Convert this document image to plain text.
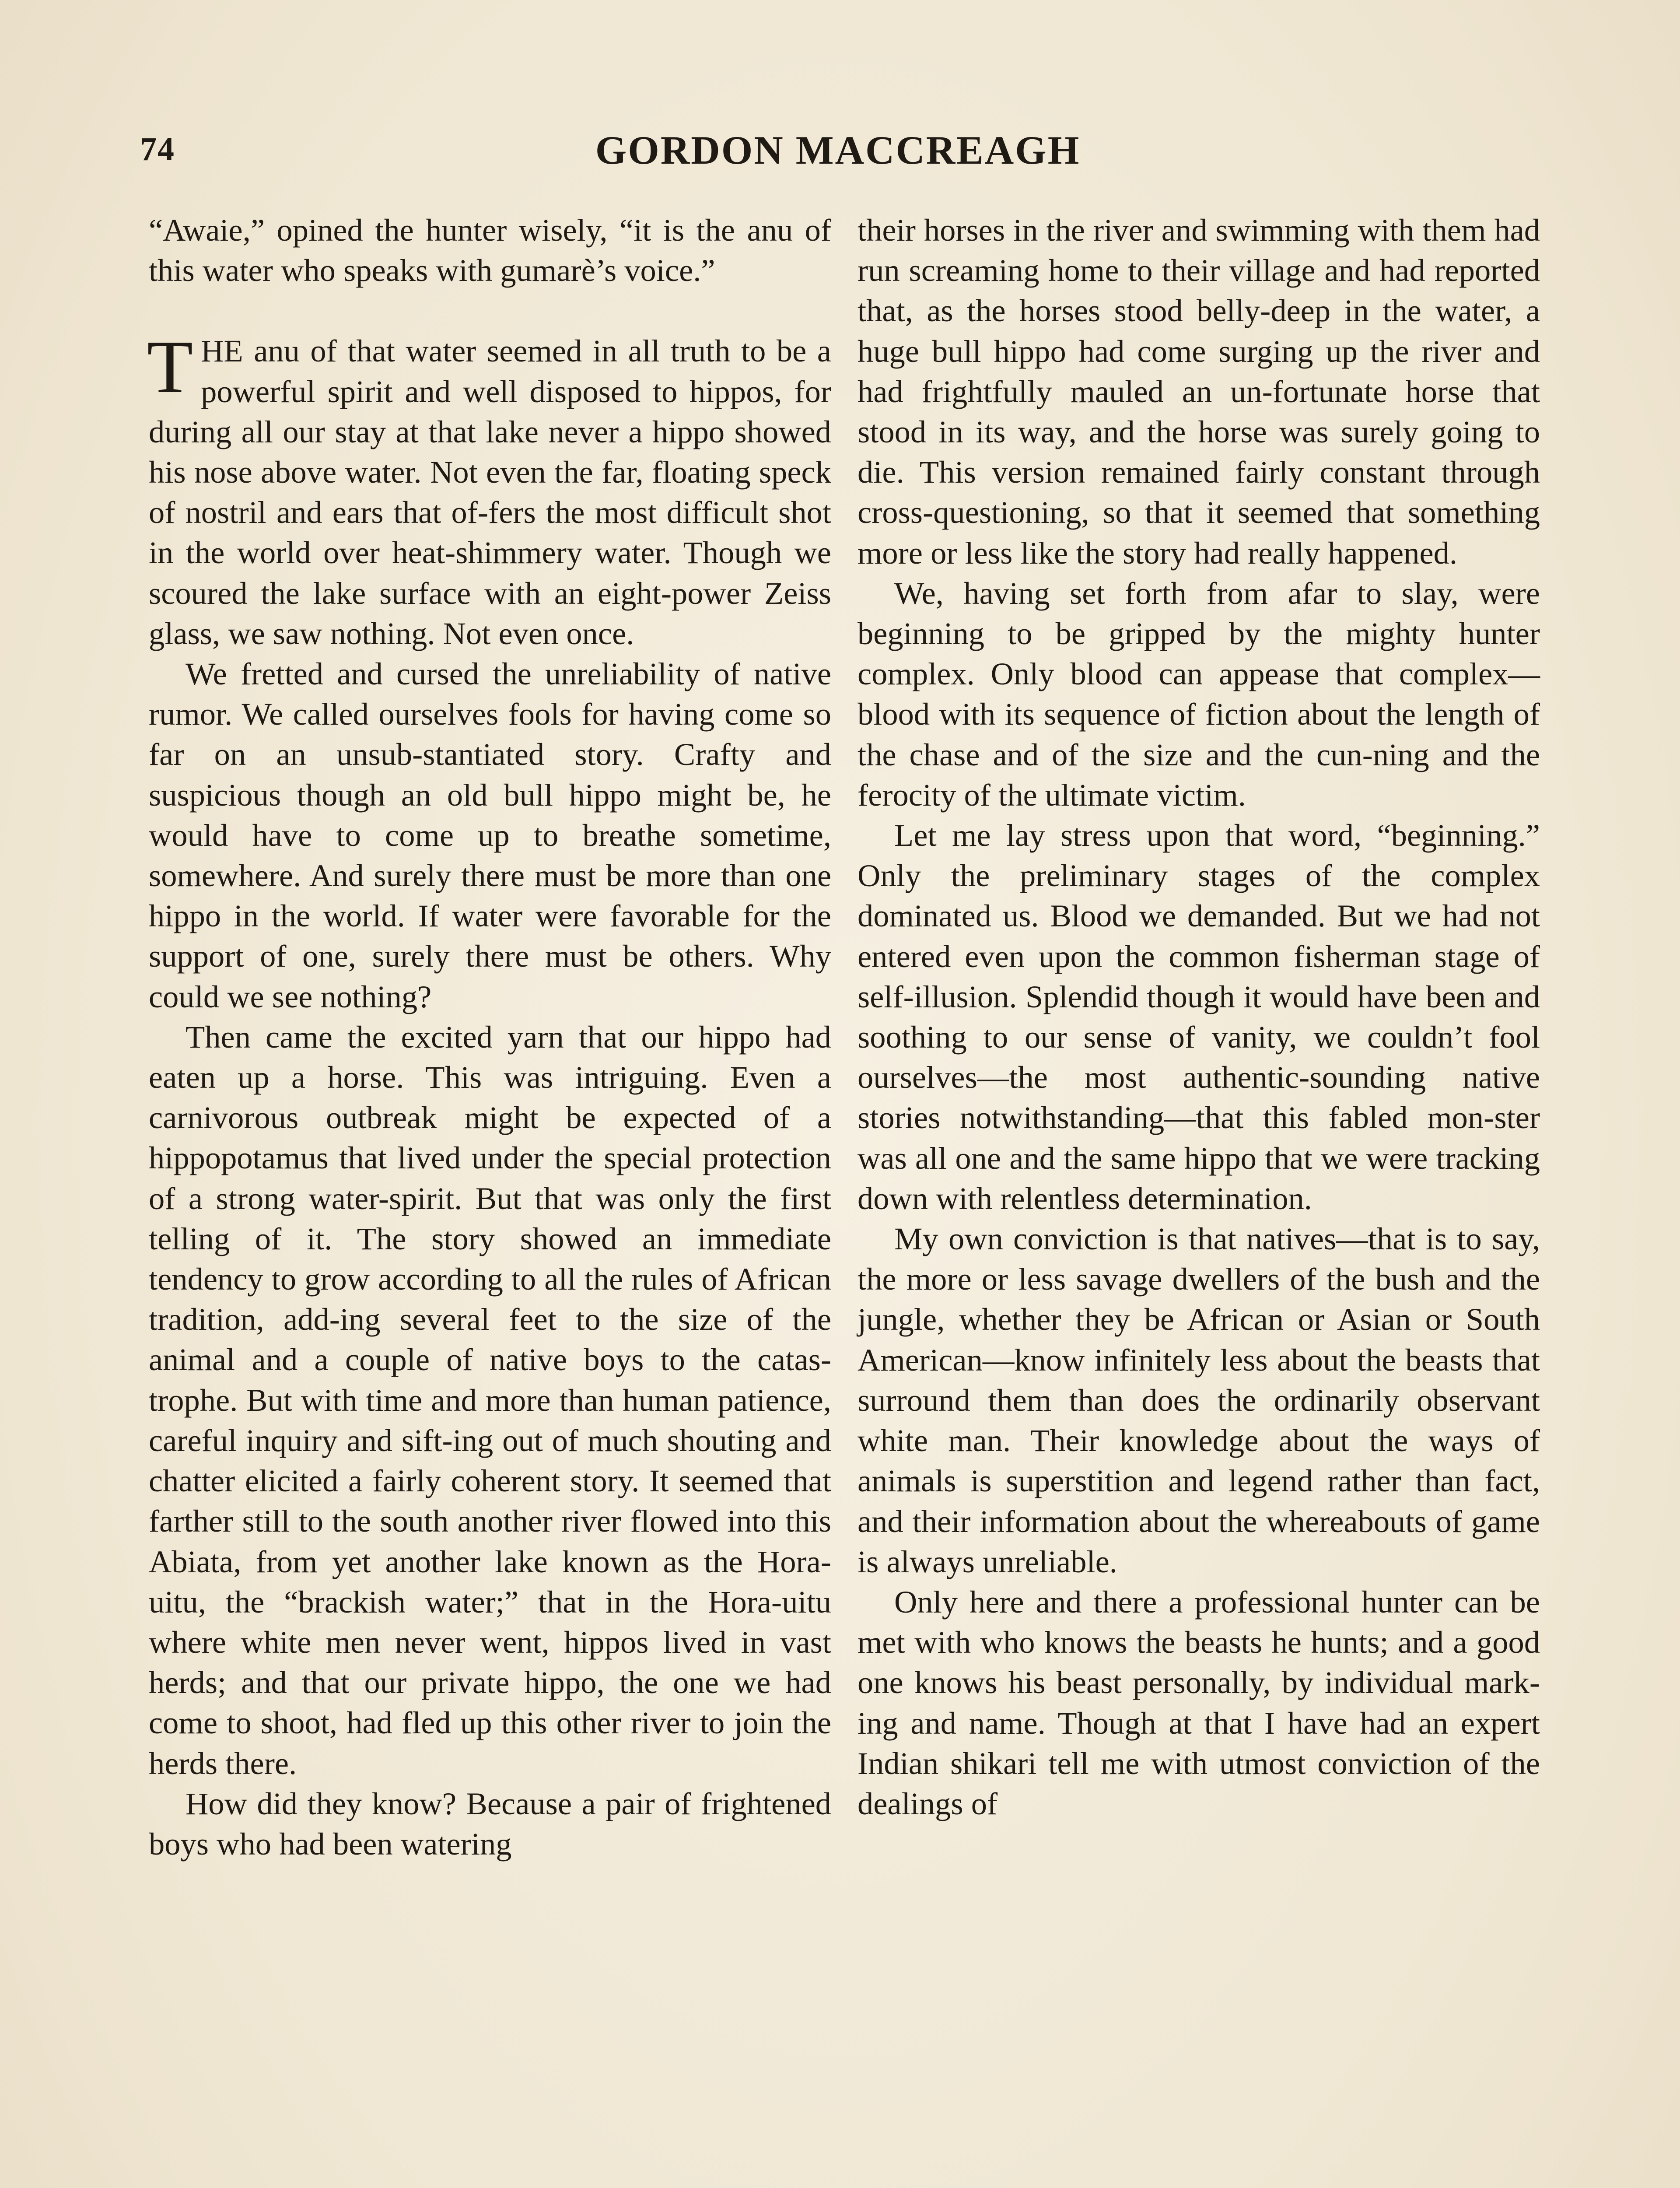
74	GORDON MACCREAGH

“Awaie,” opined the hunter wisely, “it is the anu of this water who speaks with gumarè’s voice.”

THE anu of that water seemed in all truth to be a powerful spirit and well disposed to hippos, for during all our stay at that lake never a hippo showed his nose above water. Not even the far, floating speck of nostril and ears that of-fers the most difficult shot in the world over heat-shimmery water. Though we scoured the lake surface with an eight-power Zeiss glass, we saw nothing. Not even once.

We fretted and cursed the unreliability of native rumor. We called ourselves fools for having come so far on an unsub-stantiated story. Crafty and suspicious though an old bull hippo might be, he would have to come up to breathe sometime, somewhere. And surely there must be more than one hippo in the world. If water were favorable for the support of one, surely there must be others. Why could we see nothing?

Then came the excited yarn that our hippo had eaten up a horse. This was intriguing. Even a carnivorous outbreak might be expected of a hippopotamus that lived under the special protection of a strong water-spirit. But that was only the first telling of it. The story showed an immediate tendency to grow according to all the rules of African tradition, add-ing several feet to the size of the animal and a couple of native boys to the catas-trophe. But with time and more than human patience, careful inquiry and sift-ing out of much shouting and chatter elicited a fairly coherent story. It seemed that farther still to the south another river flowed into this Abiata, from yet another lake known as the Hora-uitu, the “brackish water;” that in the Hora-uitu where white men never went, hippos lived in vast herds; and that our private hippo, the one we had come to shoot, had fled up this other river to join the herds there.

How did they know? Because a pair of frightened boys who had been watering

their horses in the river and swimming with them had run screaming home to their village and had reported that, as the horses stood belly-deep in the water, a huge bull hippo had come surging up the river and had frightfully mauled an un-fortunate horse that stood in its way, and the horse was surely going to die. This version remained fairly constant through cross-questioning, so that it seemed that something more or less like the story had really happened.

We, having set forth from afar to slay, were beginning to be gripped by the mighty hunter complex. Only blood can appease that complex—blood with its sequence of fiction about the length of the chase and of the size and the cun-ning and the ferocity of the ultimate victim.

Let me lay stress upon that word, “beginning.” Only the preliminary stages of the complex dominated us. Blood we demanded. But we had not entered even upon the common fisherman stage of self-illusion. Splendid though it would have been and soothing to our sense of vanity, we couldn’t fool ourselves—the most authentic-sounding native stories notwithstanding—that this fabled mon-ster was all one and the same hippo that we were tracking down with relentless determination.

My own conviction is that natives—that is to say, the more or less savage dwellers of the bush and the jungle, whether they be African or Asian or South American—know infinitely less about the beasts that surround them than does the ordinarily observant white man. Their knowledge about the ways of animals is superstition and legend rather than fact, and their information about the whereabouts of game is always unreliable.

Only here and there a professional hunter can be met with who knows the beasts he hunts; and a good one knows his beast personally, by individual mark-ing and name. Though at that I have had an expert Indian shikari tell me with utmost conviction of the dealings of
